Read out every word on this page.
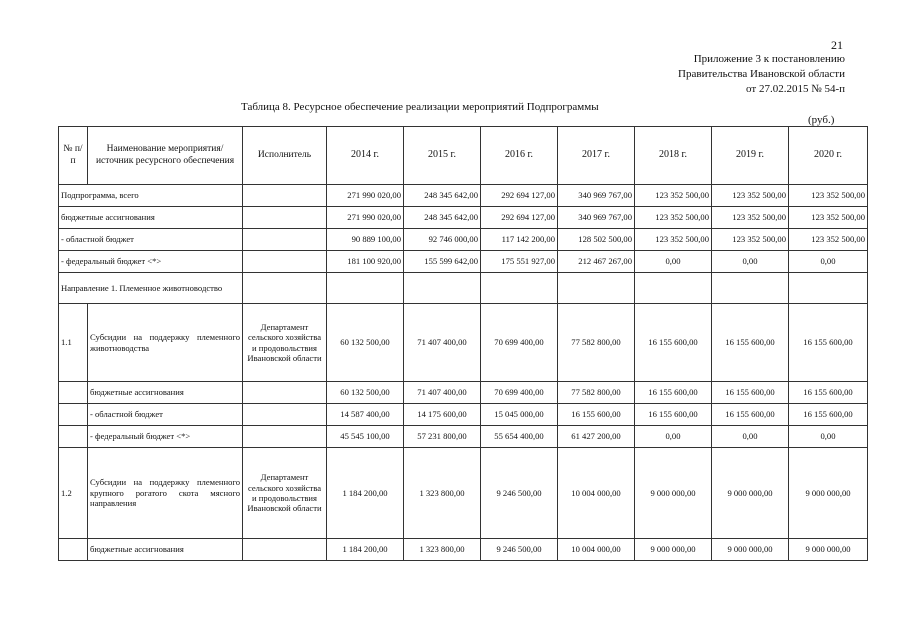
21
Приложение 3 к постановлению
Правительства Ивановской области
от 27.02.2015 № 54-п
Таблица 8. Ресурсное обеспечение реализации мероприятий Подпрограммы
(руб.)
№ п/п	Наименование мероприятия/ источник ресурсного обеспечения	Исполнитель	2014 г.	2015 г.	2016 г.	2017 г.	2018 г.	2019 г.	2020 г.
Подпрограмма, всего			271 990 020,00	248 345 642,00	292 694 127,00	340 969 767,00	123 352 500,00	123 352 500,00	123 352 500,00
бюджетные ассигнования			271 990 020,00	248 345 642,00	292 694 127,00	340 969 767,00	123 352 500,00	123 352 500,00	123 352 500,00
- областной бюджет			90 889 100,00	92 746 000,00	117 142 200,00	128 502 500,00	123 352 500,00	123 352 500,00	123 352 500,00
- федеральный бюджет <*>			181 100 920,00	155 599 642,00	175 551 927,00	212 467 267,00	0,00	0,00	0,00
Направление 1. Племенное животноводство									
1.1	Субсидии на поддержку племенного животноводства	Департамент сельского хозяйства и продовольствия Ивановской области	60 132 500,00	71 407 400,00	70 699 400,00	77 582 800,00	16 155 600,00	16 155 600,00	16 155 600,00
	бюджетные ассигнования		60 132 500,00	71 407 400,00	70 699 400,00	77 582 800,00	16 155 600,00	16 155 600,00	16 155 600,00
	- областной бюджет		14 587 400,00	14 175 600,00	15 045 000,00	16 155 600,00	16 155 600,00	16 155 600,00	16 155 600,00
	- федеральный бюджет <*>		45 545 100,00	57 231 800,00	55 654 400,00	61 427 200,00	0,00	0,00	0,00
1.2	Субсидии на поддержку племенного крупного рогатого скота мясного направления	Департамент сельского хозяйства и продовольствия Ивановской области	1 184 200,00	1 323 800,00	9 246 500,00	10 004 000,00	9 000 000,00	9 000 000,00	9 000 000,00
	бюджетные ассигнования		1 184 200,00	1 323 800,00	9 246 500,00	10 004 000,00	9 000 000,00	9 000 000,00	9 000 000,00
